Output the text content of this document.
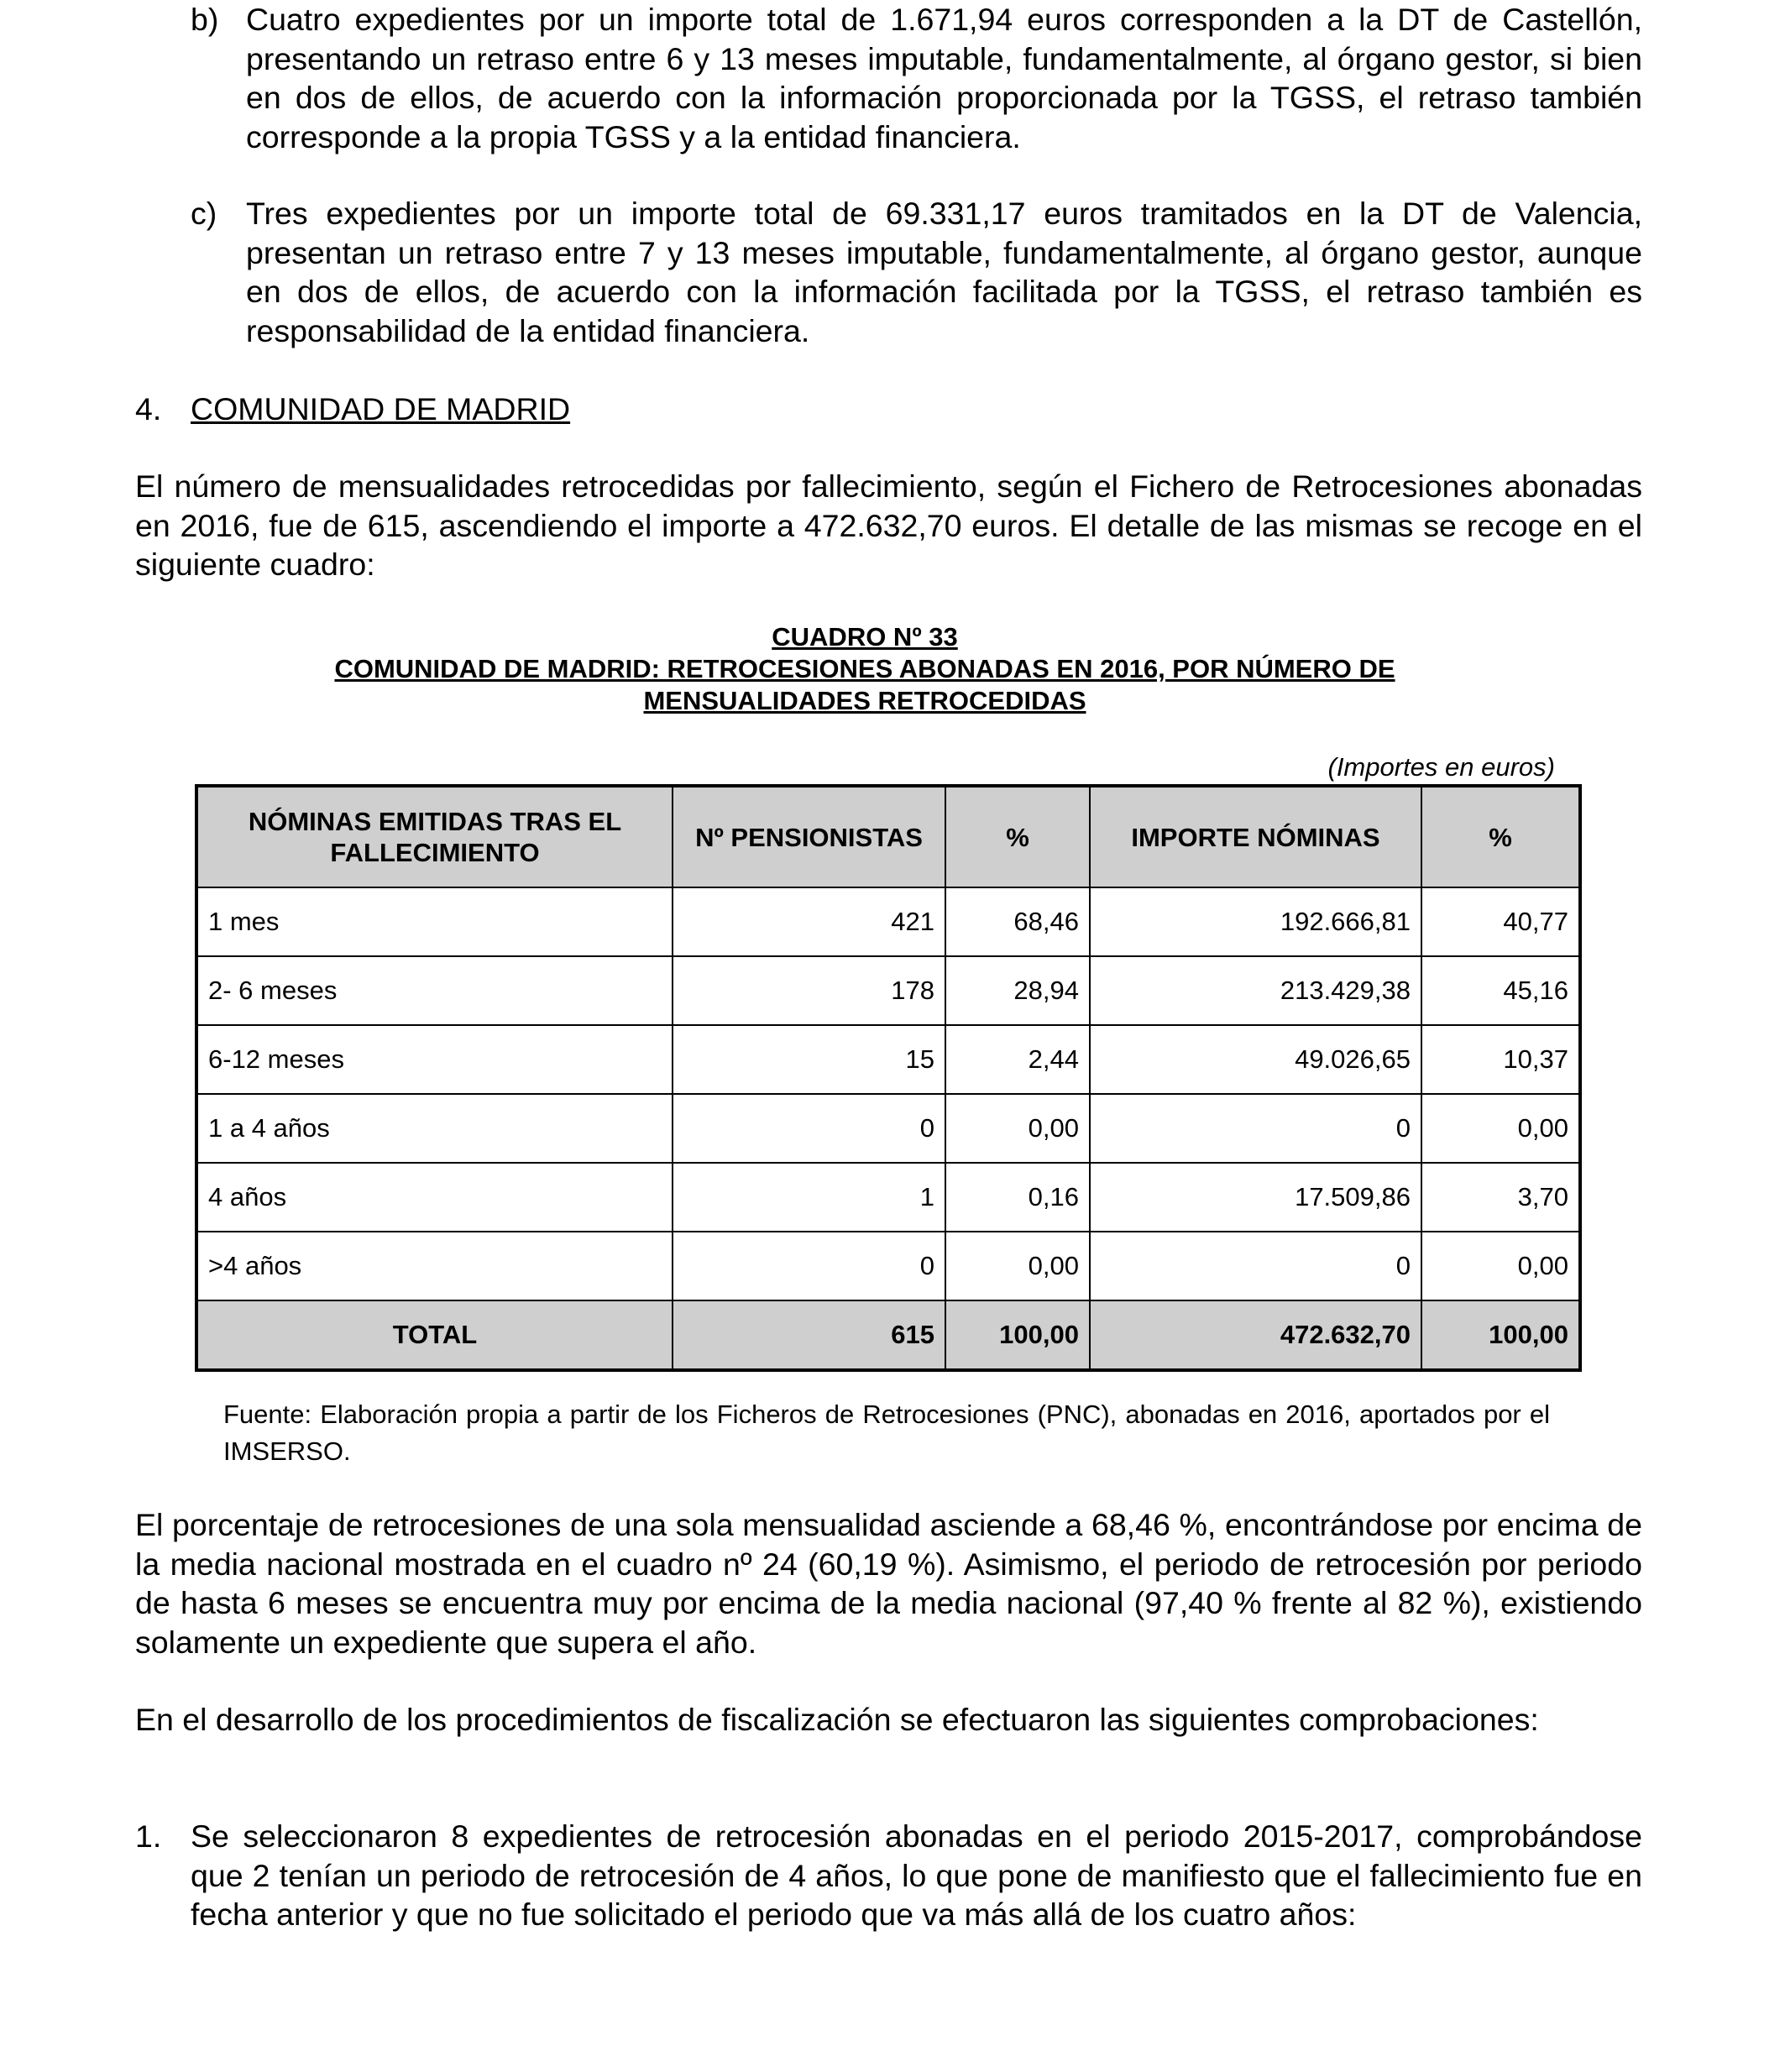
b) Cuatro expedientes por un importe total de 1.671,94 euros corresponden a la DT de Castellón, presentando un retraso entre 6 y 13 meses imputable, fundamentalmente, al órgano gestor, si bien en dos de ellos, de acuerdo con la información proporcionada por la TGSS, el retraso también corresponde a la propia TGSS y a la entidad financiera.
c) Tres expedientes por un importe total de 69.331,17 euros tramitados en la DT de Valencia, presentan un retraso entre 7 y 13 meses imputable, fundamentalmente, al órgano gestor, aunque en dos de ellos, de acuerdo con la información facilitada por la TGSS, el retraso también es responsabilidad de la entidad financiera.
4. COMUNIDAD DE MADRID

El número de mensualidades retrocedidas por fallecimiento, según el Fichero de Retrocesiones abonadas en 2016, fue de 615, ascendiendo el importe a 472.632,70 euros. El detalle de las mismas se recoge en el siguiente cuadro:

CUADRO Nº 33
COMUNIDAD DE MADRID: RETROCESIONES ABONADAS EN 2016, POR NÚMERO DE MENSUALIDADES RETROCEDIDAS
(Importes en euros)
NÓMINAS EMITIDAS TRAS EL FALLECIMIENTO	Nº PENSIONISTAS	%	IMPORTE NÓMINAS	%
1 mes	421	68,46	192.666,81	40,77
2- 6 meses	178	28,94	213.429,38	45,16
6-12 meses	15	2,44	49.026,65	10,37
1 a 4 años	0	0,00	0	0,00
4 años	1	0,16	17.509,86	3,70
>4 años	0	0,00	0	0,00
TOTAL	615	100,00	472.632,70	100,00
Fuente: Elaboración propia a partir de los Ficheros de Retrocesiones (PNC), abonadas en 2016, aportados por el IMSERSO.

El porcentaje de retrocesiones de una sola mensualidad asciende a 68,46 %, encontrándose por encima de la media nacional mostrada en el cuadro nº 24 (60,19 %). Asimismo, el periodo de retrocesión por periodo de hasta 6 meses se encuentra muy por encima de la media nacional (97,40 % frente al 82 %), existiendo solamente un expediente que supera el año.

En el desarrollo de los procedimientos de fiscalización se efectuaron las siguientes comprobaciones:

1. Se seleccionaron 8 expedientes de retrocesión abonadas en el periodo 2015-2017, comprobándose que 2 tenían un periodo de retrocesión de 4 años, lo que pone de manifiesto que el fallecimiento fue en fecha anterior y que no fue solicitado el periodo que va más allá de los cuatro años:
